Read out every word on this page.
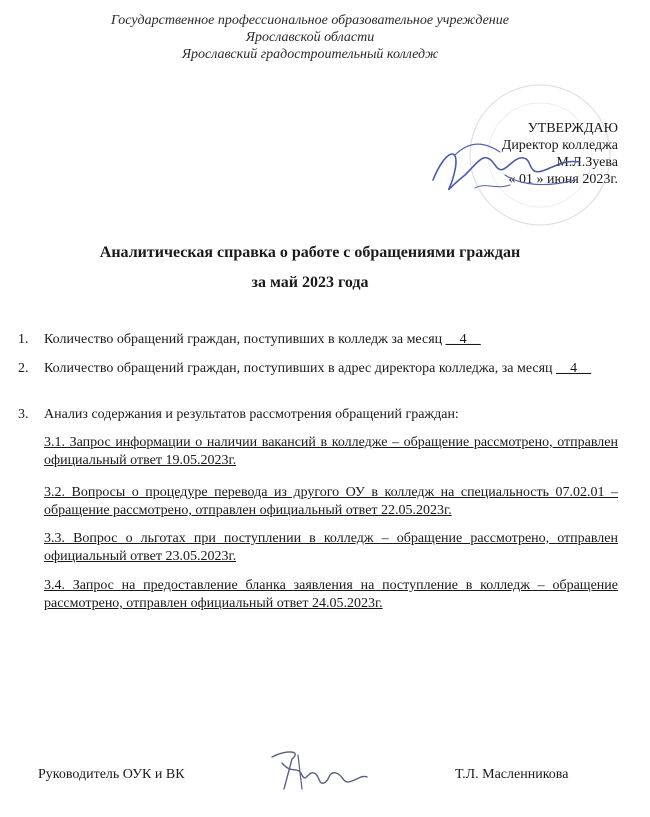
Государственное профессиональное образовательное учреждение
Ярославской области
Ярославский градостроительный колледж
УТВЕРЖДАЮ
Директор колледжа
М.Л.Зуева
« 01 » июня 2023г.
Аналитическая справка о работе с обращениями граждан
за май 2023 года
1.	Количество обращений граждан, поступивших в колледж за месяц __4__
2.	Количество обращений граждан, поступивших в адрес директора колледжа, за месяц __4__
3.	Анализ содержания и результатов рассмотрения обращений граждан:
3.1. Запрос информации о наличии вакансий в колледже – обращение рассмотрено, отправлен официальный ответ 19.05.2023г.
3.2. Вопросы о процедуре перевода из другого ОУ в колледж на специальность 07.02.01 – обращение рассмотрено, отправлен официальный ответ 22.05.2023г.
3.3. Вопрос о льготах при поступлении в колледж – обращение рассмотрено, отправлен официальный ответ 23.05.2023г.
3.4. Запрос на предоставление бланка заявления на поступление в колледж – обращение рассмотрено, отправлен официальный ответ 24.05.2023г.
Руководитель ОУК и ВК	Т.Л. Масленникова
